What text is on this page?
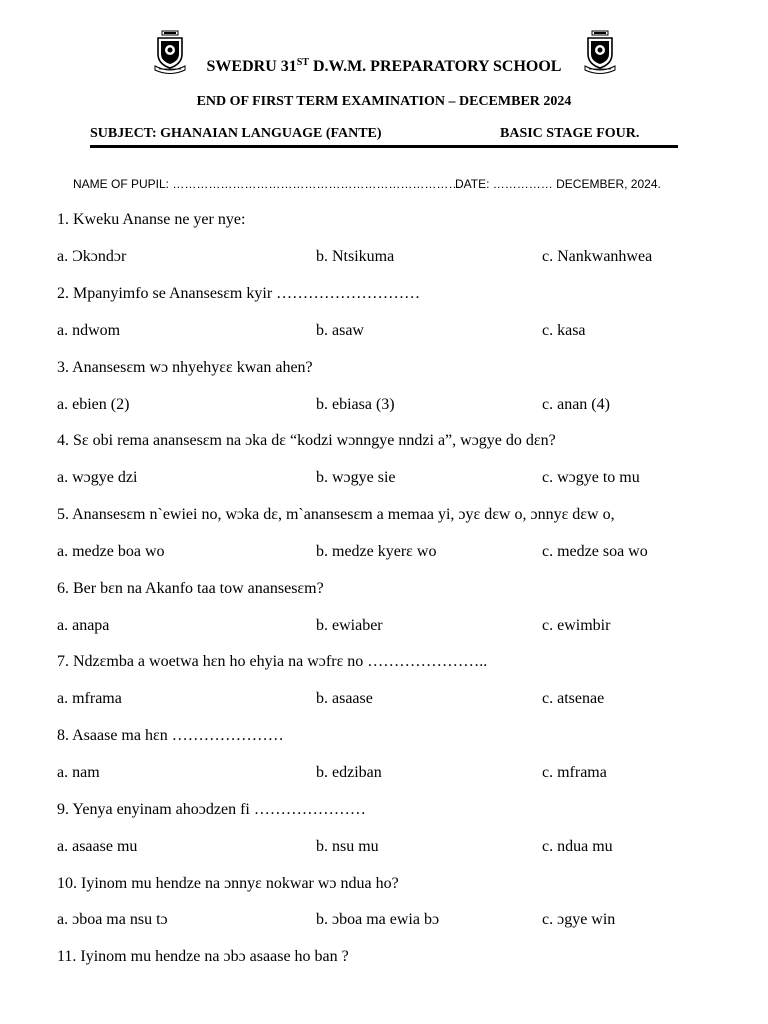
SWEDRU 31ST D.W.M. PREPARATORY SCHOOL
END OF FIRST TERM EXAMINATION – DECEMBER 2024
SUBJECT: GHANAIAN LANGUAGE (FANTE)	BASIC STAGE FOUR.
NAME OF PUPIL: ………………………………………………………………
DATE: …………… DECEMBER, 2024.
1. Kweku Ananse ne yer nye:
a. Ɔkɔndɔr	b. Ntsikuma	c. Nankwanhwea
2. Mpanyimfo se Anansesɛm kyir ………………………
a. ndwom	b. asaw	c. kasa
3. Anansesɛm wɔ nhyehyɛɛ kwan ahen?
a. ebien (2)	b. ebiasa (3)	c. anan (4)
4. Sɛ obi rema anansesɛm na ɔka dɛ “kodzi wɔnngye nndzi a”, wɔgye do dɛn?
a. wɔgye dzi	b. wɔgye sie	c. wɔgye to mu
5. Anansesɛm n`ewiei no, wɔka dɛ, m`anansesɛm a memaa yi, ɔyɛ dɛw o, ɔnnyɛ dɛw o,
a. medze boa wo	b. medze kyerɛ wo	c. medze soa wo
6. Ber bɛn na Akanfo taa tow anansesɛm?
a. anapa	b. ewiaber	c. ewimbir
7. Ndzɛmba a woetwa hɛn ho ehyia na wɔfrɛ no …………………..
a. mframa	b. asaase	c. atsenae
8. Asaase ma hɛn …………………
a. nam	b. edziban	c. mframa
9. Yenya enyinam ahoɔdzen fi …………………
a. asaase mu	b. nsu mu	c. ndua mu
10. Iyinom mu hendze na ɔnnyɛ nokwar wɔ ndua ho?
a. ɔboa ma nsu tɔ	b. ɔboa ma ewia bɔ	c. ɔgye win
11. Iyinom mu hendze na ɔbɔ asaase ho ban ?
